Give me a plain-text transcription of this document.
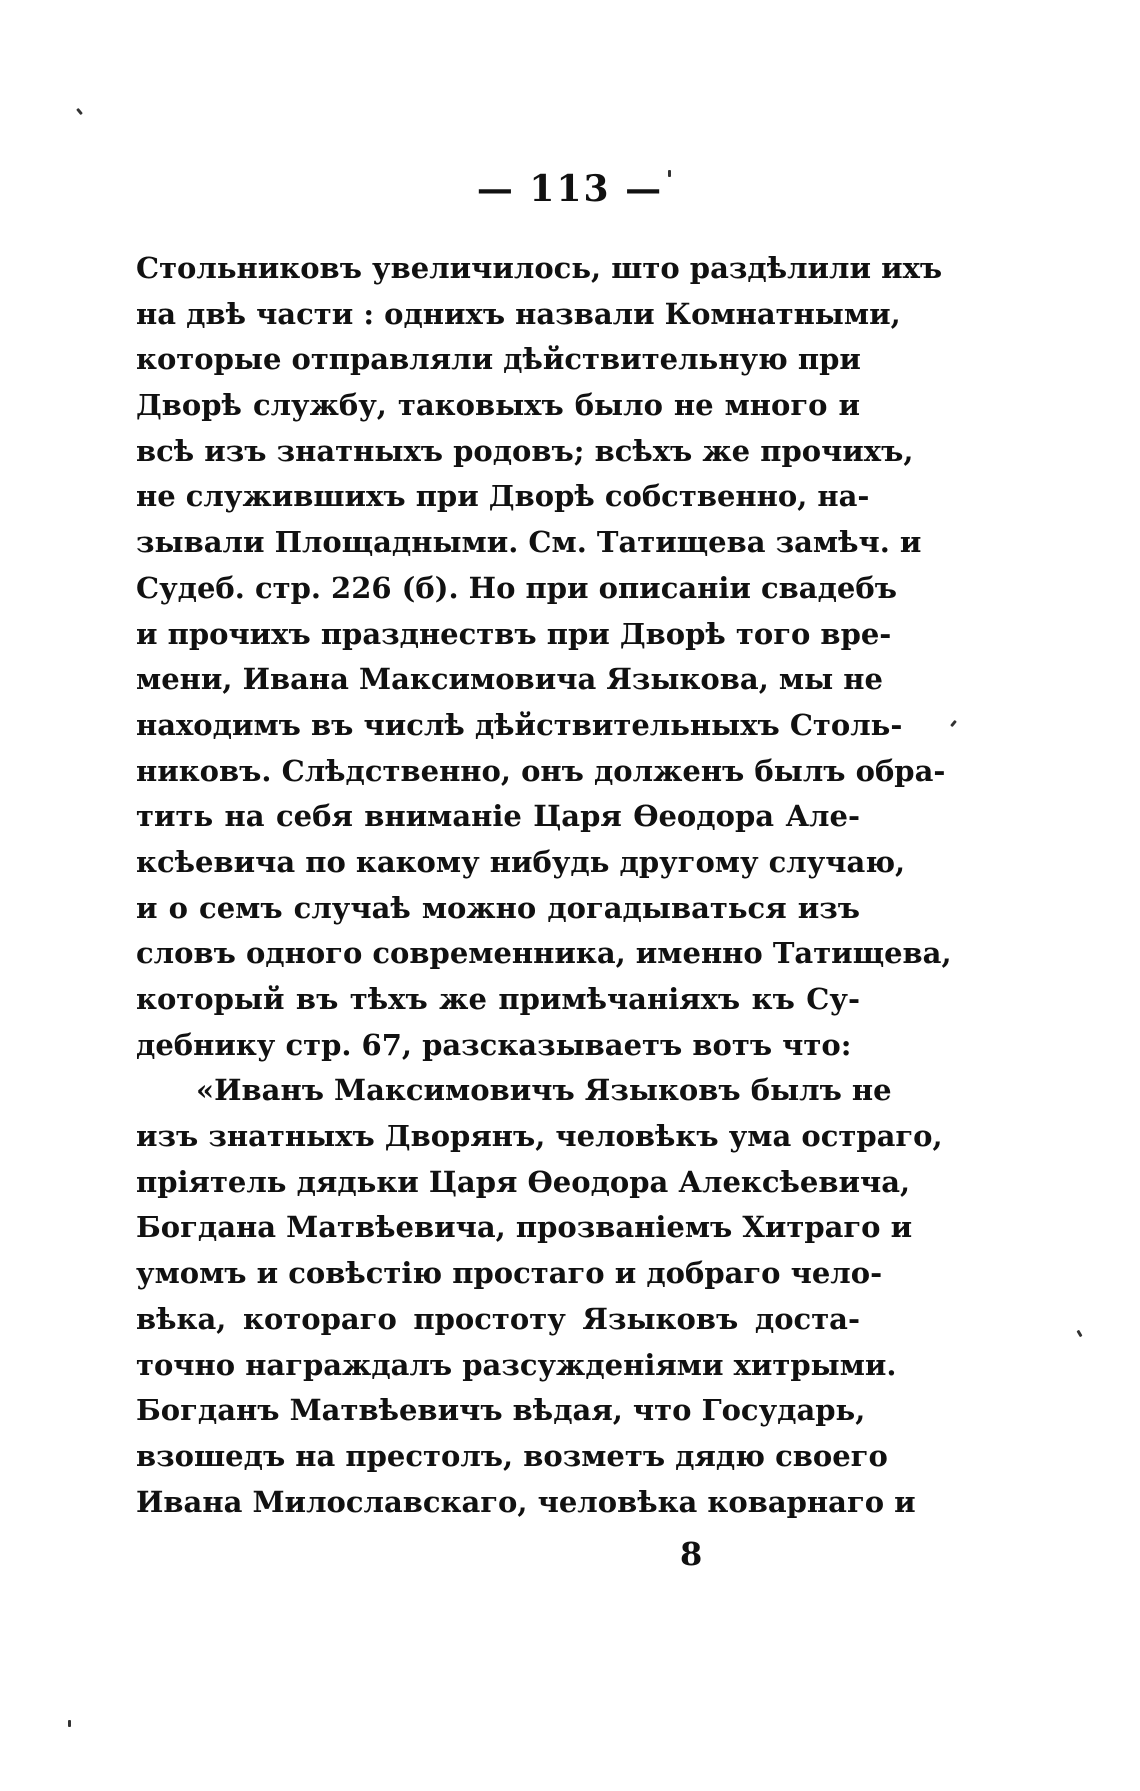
— 113 —
Стольниковъ увеличилось, што раздѣлили ихъ
на двѣ части : однихъ назвали Комнатными,
которые отправляли дѣйствительную при
Дворѣ службу, таковыхъ было не много и
всѣ изъ знатныхъ родовъ; всѣхъ же прочихъ,
не служившихъ при Дворѣ собственно, на-
зывали Площадными. См. Татищева замѣч. и
Судеб. стр. 226 (б). Но при описаніи свадебъ
и прочихъ празднествъ при Дворѣ того вре-
мени, Ивана Максимовича Языкова, мы не
находимъ въ числѣ дѣйствительныхъ Столь-
никовъ. Слѣдственно, онъ долженъ былъ обра-
тить на себя вниманіе Царя Ѳеодора Але-
ксѣевича по какому нибудь другому случаю,
и о семъ случаѣ можно догадываться изъ
словъ одного современника, именно Татищева,
который въ тѣхъ же примѣчаніяхъ къ Су-
дебнику стр. 67, разсказываетъ вотъ что:
«Иванъ Максимовичъ Языковъ былъ не
изъ знатныхъ Дворянъ, человѣкъ ума остраго,
пріятель дядьки Царя Ѳеодора Алексѣевича,
Богдана Матвѣевича, прозваніемъ Хитраго и
умомъ и совѣстію простаго и добраго чело-
вѣка, котораго простоту Языковъ доста-
точно награждалъ разсужденіями хитрыми.
Богданъ Матвѣевичъ вѣдая, что Государь,
взошедъ на престолъ, возметъ дядю своего
Ивана Милославскаго, человѣка коварнаго и
8
